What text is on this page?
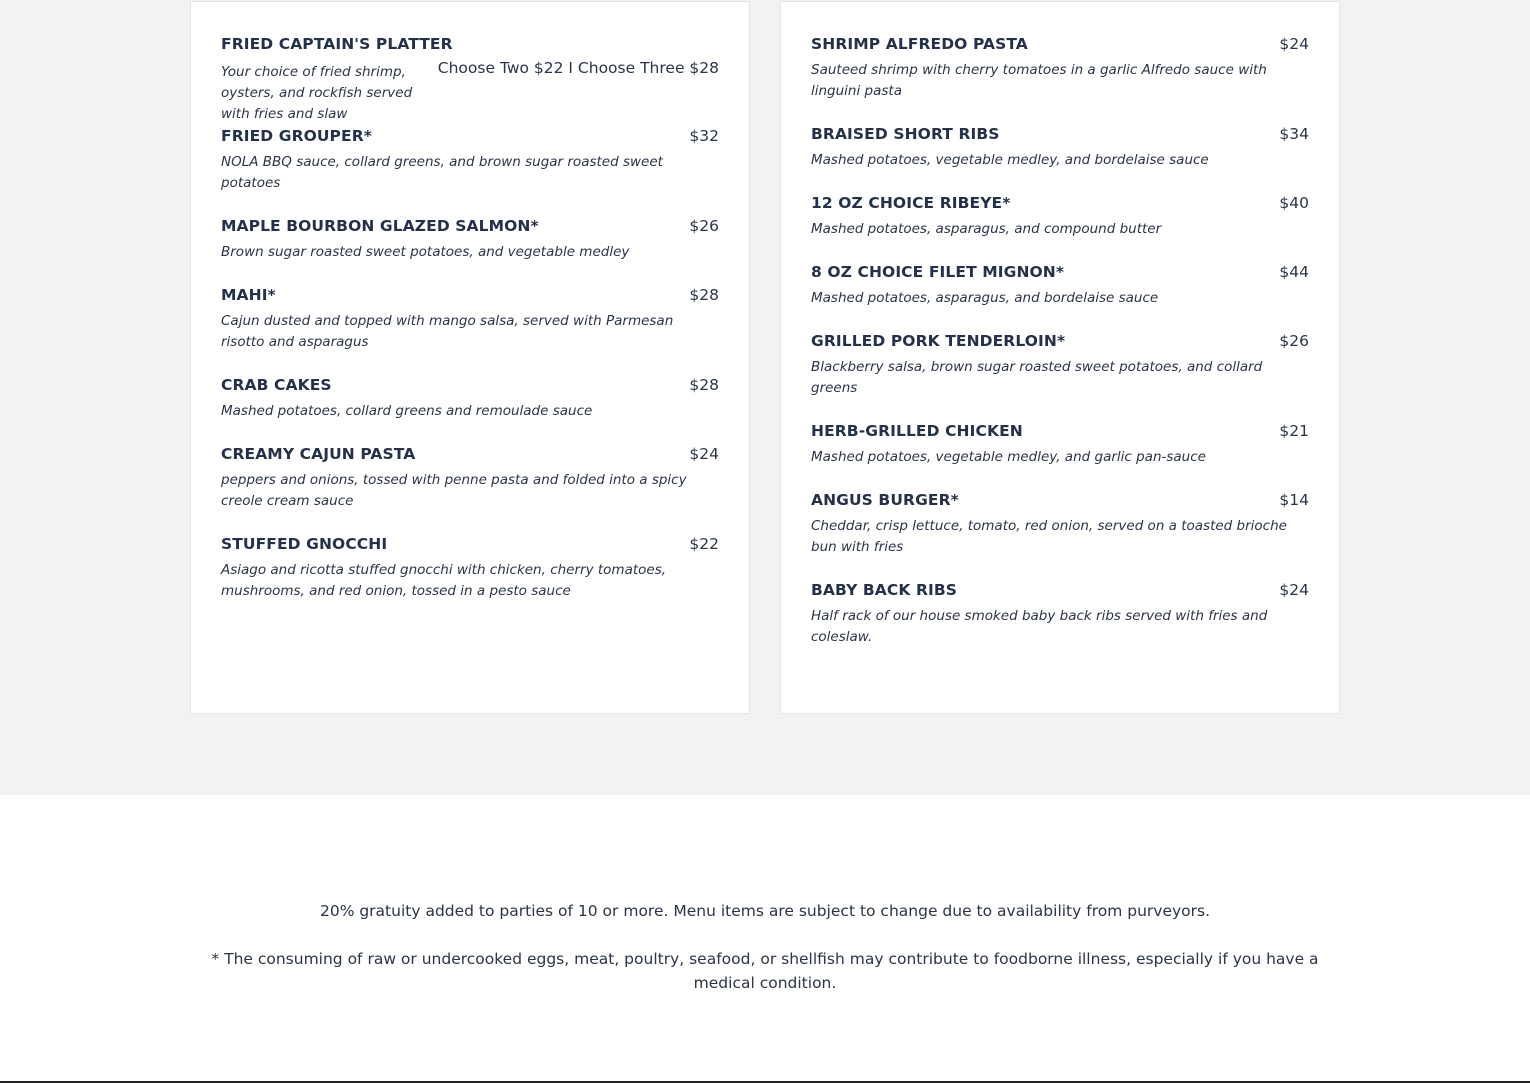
FRIED CAPTAIN'S PLATTER
Choose Two $22 I Choose Three $28
Your choice of fried shrimp, oysters, and rockfish served with fries and slaw
FRIED GROUPER*	$32
NOLA BBQ sauce, collard greens, and brown sugar roasted sweet potatoes
MAPLE BOURBON GLAZED SALMON*	$26
Brown sugar roasted sweet potatoes, and vegetable medley
MAHI*	$28
Cajun dusted and topped with mango salsa, served with Parmesan risotto and asparagus
CRAB CAKES	$28
Mashed potatoes, collard greens and remoulade sauce
CREAMY CAJUN PASTA	$24
peppers and onions, tossed with penne pasta and folded into a spicy creole cream sauce
STUFFED GNOCCHI	$22
Asiago and ricotta stuffed gnocchi with chicken, cherry tomatoes, mushrooms, and red onion, tossed in a pesto sauce
SHRIMP ALFREDO PASTA	$24
Sauteed shrimp with cherry tomatoes in a garlic Alfredo sauce with linguini pasta
BRAISED SHORT RIBS	$34
Mashed potatoes, vegetable medley, and bordelaise sauce
12 OZ CHOICE RIBEYE*	$40
Mashed potatoes, asparagus, and compound butter
8 OZ CHOICE FILET MIGNON*	$44
Mashed potatoes, asparagus, and bordelaise sauce
GRILLED PORK TENDERLOIN*	$26
Blackberry salsa, brown sugar roasted sweet potatoes, and collard greens
HERB-GRILLED CHICKEN	$21
Mashed potatoes, vegetable medley, and garlic pan-sauce
ANGUS BURGER*	$14
Cheddar, crisp lettuce, tomato, red onion, served on a toasted brioche bun with fries
BABY BACK RIBS	$24
Half rack of our house smoked baby back ribs served with fries and coleslaw.
20% gratuity added to parties of 10 or more. Menu items are subject to change due to availability from purveyors.
* The consuming of raw or undercooked eggs, meat, poultry, seafood, or shellfish may contribute to foodborne illness, especially if you have a medical condition.
